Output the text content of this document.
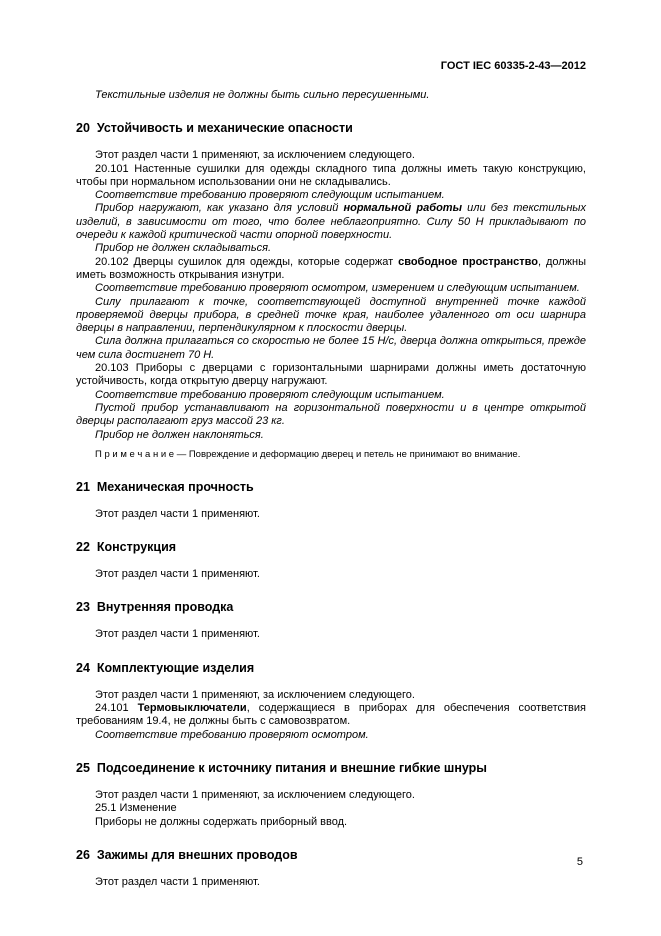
ГОСТ IEC 60335-2-43—2012

Текстильные изделия не должны быть сильно пересушенными.

20  Устойчивость и механические опасности

Этот раздел части 1 применяют, за исключением следующего.

20.101 Настенные сушилки для одежды складного типа должны иметь такую конструкцию, чтобы при нормальном использовании они не складывались.

Соответствие требованию проверяют следующим испытанием.

Прибор нагружают, как указано для условий нормальной работы или без текстильных изделий, в зависимости от того, что более неблагоприятно. Силу 50 Н прикладывают по очереди к каждой критической части опорной поверхности.

Прибор не должен складываться.

20.102 Дверцы сушилок для одежды, которые содержат свободное пространство, должны иметь возможность открывания изнутри.

Соответствие требованию проверяют осмотром, измерением и следующим испытанием.

Силу прилагают к точке, соответствующей доступной внутренней точке каждой проверяемой дверцы прибора, в средней точке края, наиболее удаленного от оси шарнира дверцы в направлении, перпендикулярном к плоскости дверцы.

Сила должна прилагаться со скоростью не более 15 Н/с, дверца должна открыться, прежде чем сила достигнет 70 Н.

20.103 Приборы с дверцами с горизонтальными шарнирами должны иметь достаточную устойчивость, когда открытую дверцу нагружают.

Соответствие требованию проверяют следующим испытанием.

Пустой прибор устанавливают на горизонтальной поверхности и в центре открытой дверцы располагают груз массой 23 кг.

Прибор не должен наклоняться.

П р и м е ч а н и е — Повреждение и деформацию дверец и петель не принимают во внимание.

21  Механическая прочность

Этот раздел части 1 применяют.

22  Конструкция

Этот раздел части 1 применяют.

23  Внутренняя проводка

Этот раздел части 1 применяют.

24  Комплектующие изделия

Этот раздел части 1 применяют, за исключением следующего.

24.101 Термовыключатели, содержащиеся в приборах для обеспечения соответствия требованиям 19.4, не должны быть с самовозвратом.

Соответствие требованию проверяют осмотром.

25  Подсоединение к источнику питания и внешние гибкие шнуры

Этот раздел части 1 применяют, за исключением следующего.

25.1 Изменение

Приборы не должны содержать приборный ввод.

26  Зажимы для внешних проводов

Этот раздел части 1 применяют.

5
